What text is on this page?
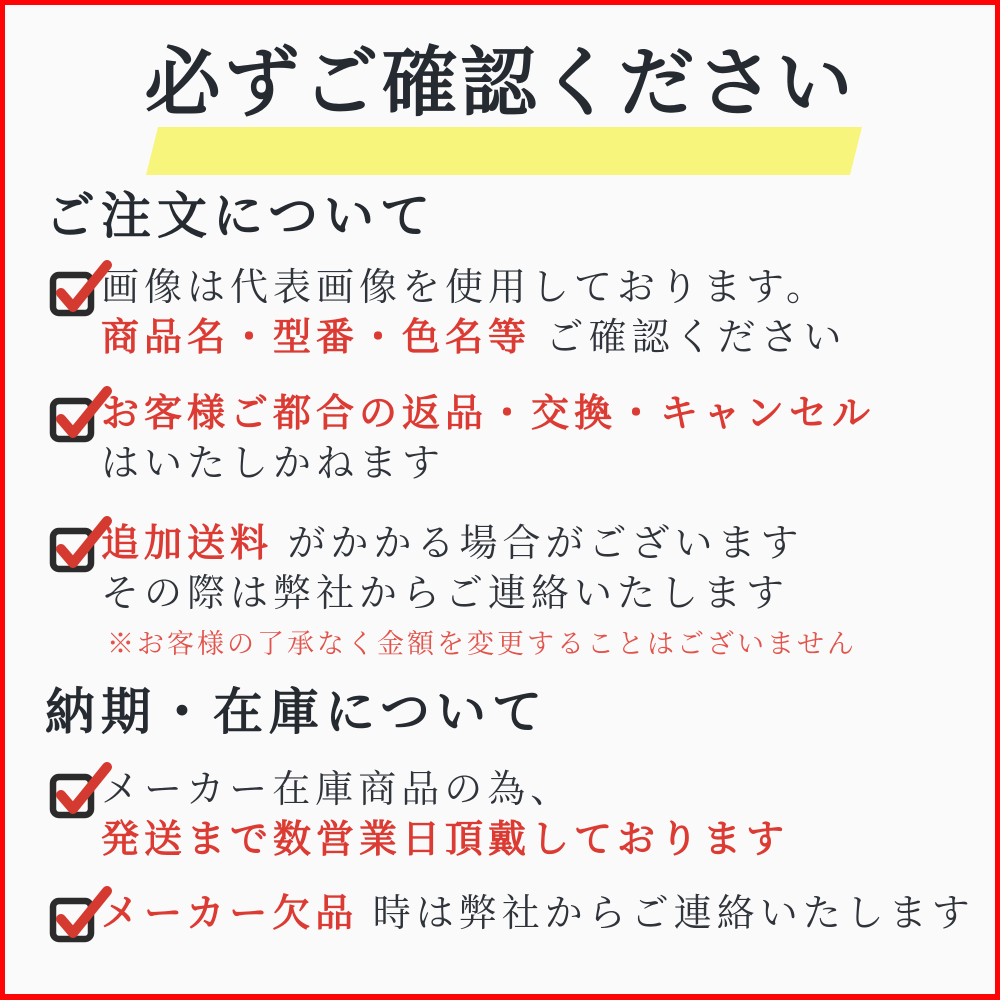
必ずご確認ください
ご注文について
画像は代表画像を使用しております。
商品名・型番・色名等 ご確認ください
お客様ご都合の返品・交換・キャンセル
はいたしかねます
追加送料 がかかる場合がございます
その際は弊社からご連絡いたします
※お客様の了承なく金額を変更することはございません
納期・在庫について
メーカー在庫商品の為、
発送まで数営業日頂戴しております
メーカー欠品 時は弊社からご連絡いたします
